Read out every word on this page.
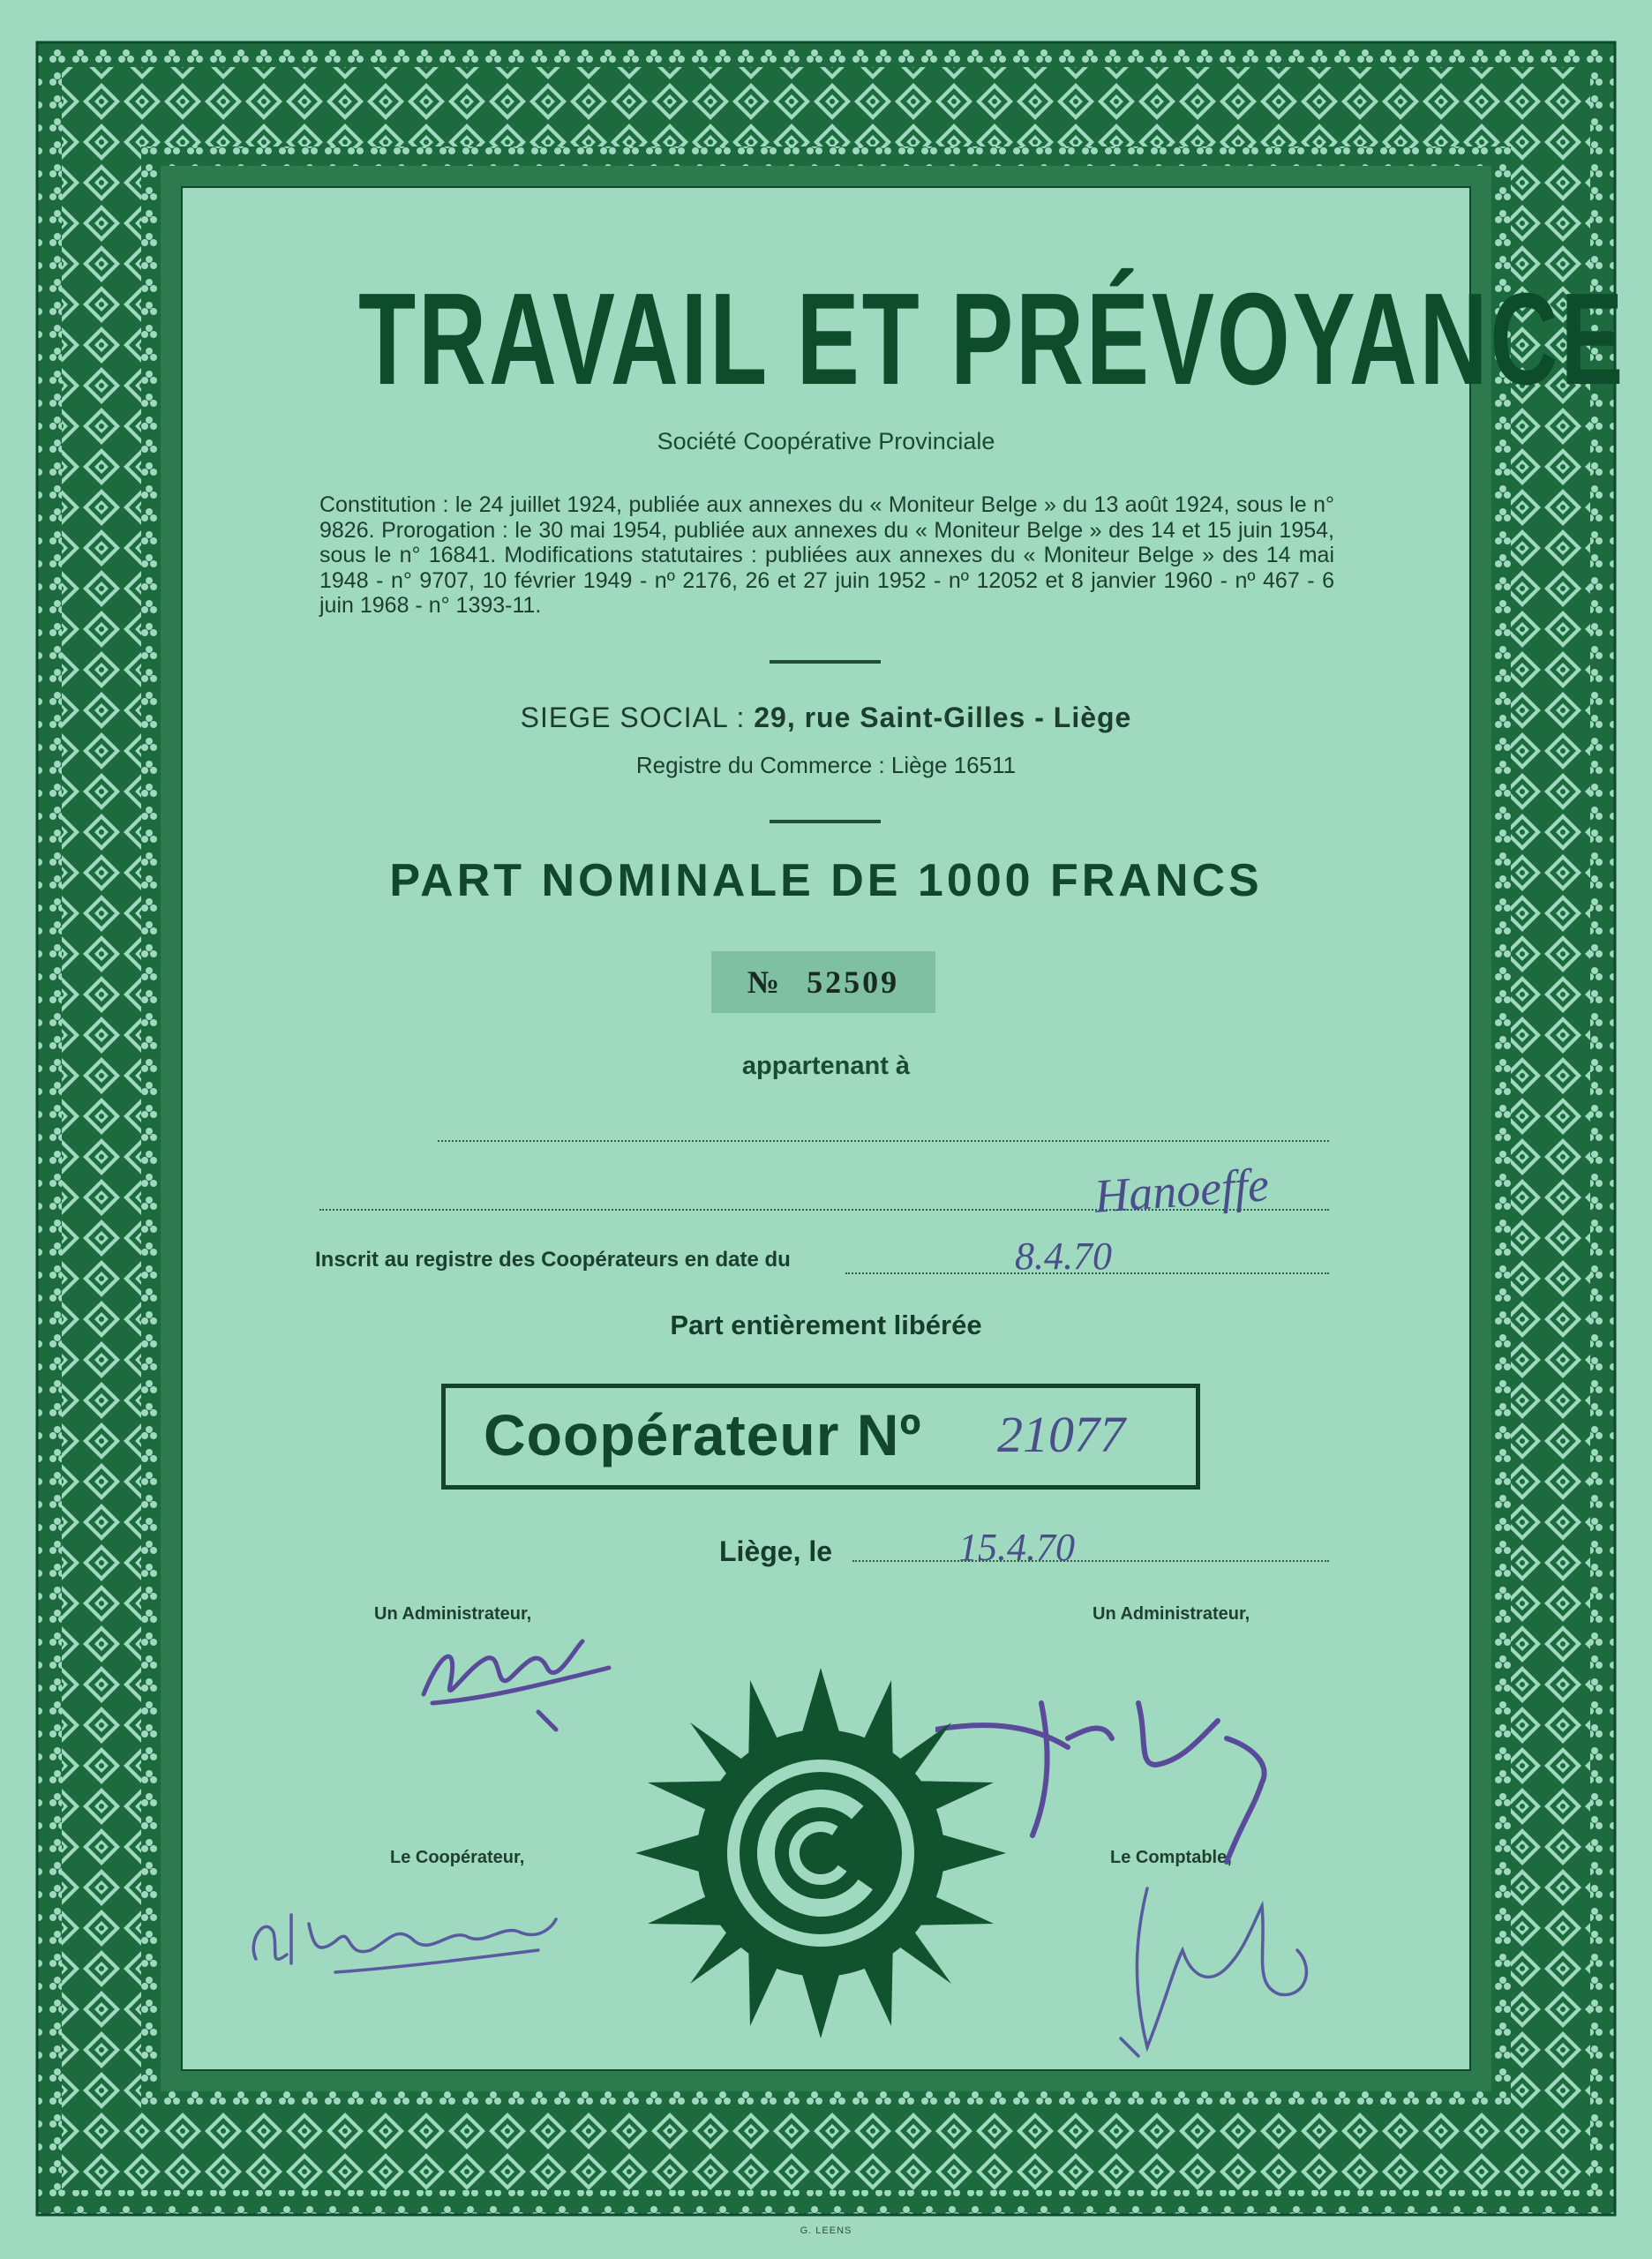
TRAVAIL ET PRÉVOYANCE
Société Coopérative Provinciale
Constitution : le 24 juillet 1924, publiée aux annexes du « Moniteur Belge » du 13 août 1924, sous le n° 9826. Prorogation : le 30 mai 1954, publiée aux annexes du « Moniteur Belge » des 14 et 15 juin 1954, sous le n° 16841. Modifications statutaires : publiées aux annexes du « Moniteur Belge » des 14 mai 1948 - n° 9707, 10 février 1949 - nº 2176, 26 et 27 juin 1952 - nº 12052 et 8 janvier 1960 - nº 467 - 6 juin 1968 - n° 1393-11.
SIEGE SOCIAL : 29, rue Saint-Gilles - Liège
Registre du Commerce : Liège 16511
PART NOMINALE DE 1000 FRANCS
№ 52509
appartenant à
Hanoeffe
Inscrit au registre des Coopérateurs en date du	8.4.70
Part entièrement libérée
Coopérateur Nº 21077
Liège, le	15.4.70
Un Administrateur,	Un Administrateur,
Le Coopérateur,	Le Comptable,
G. LEENS
